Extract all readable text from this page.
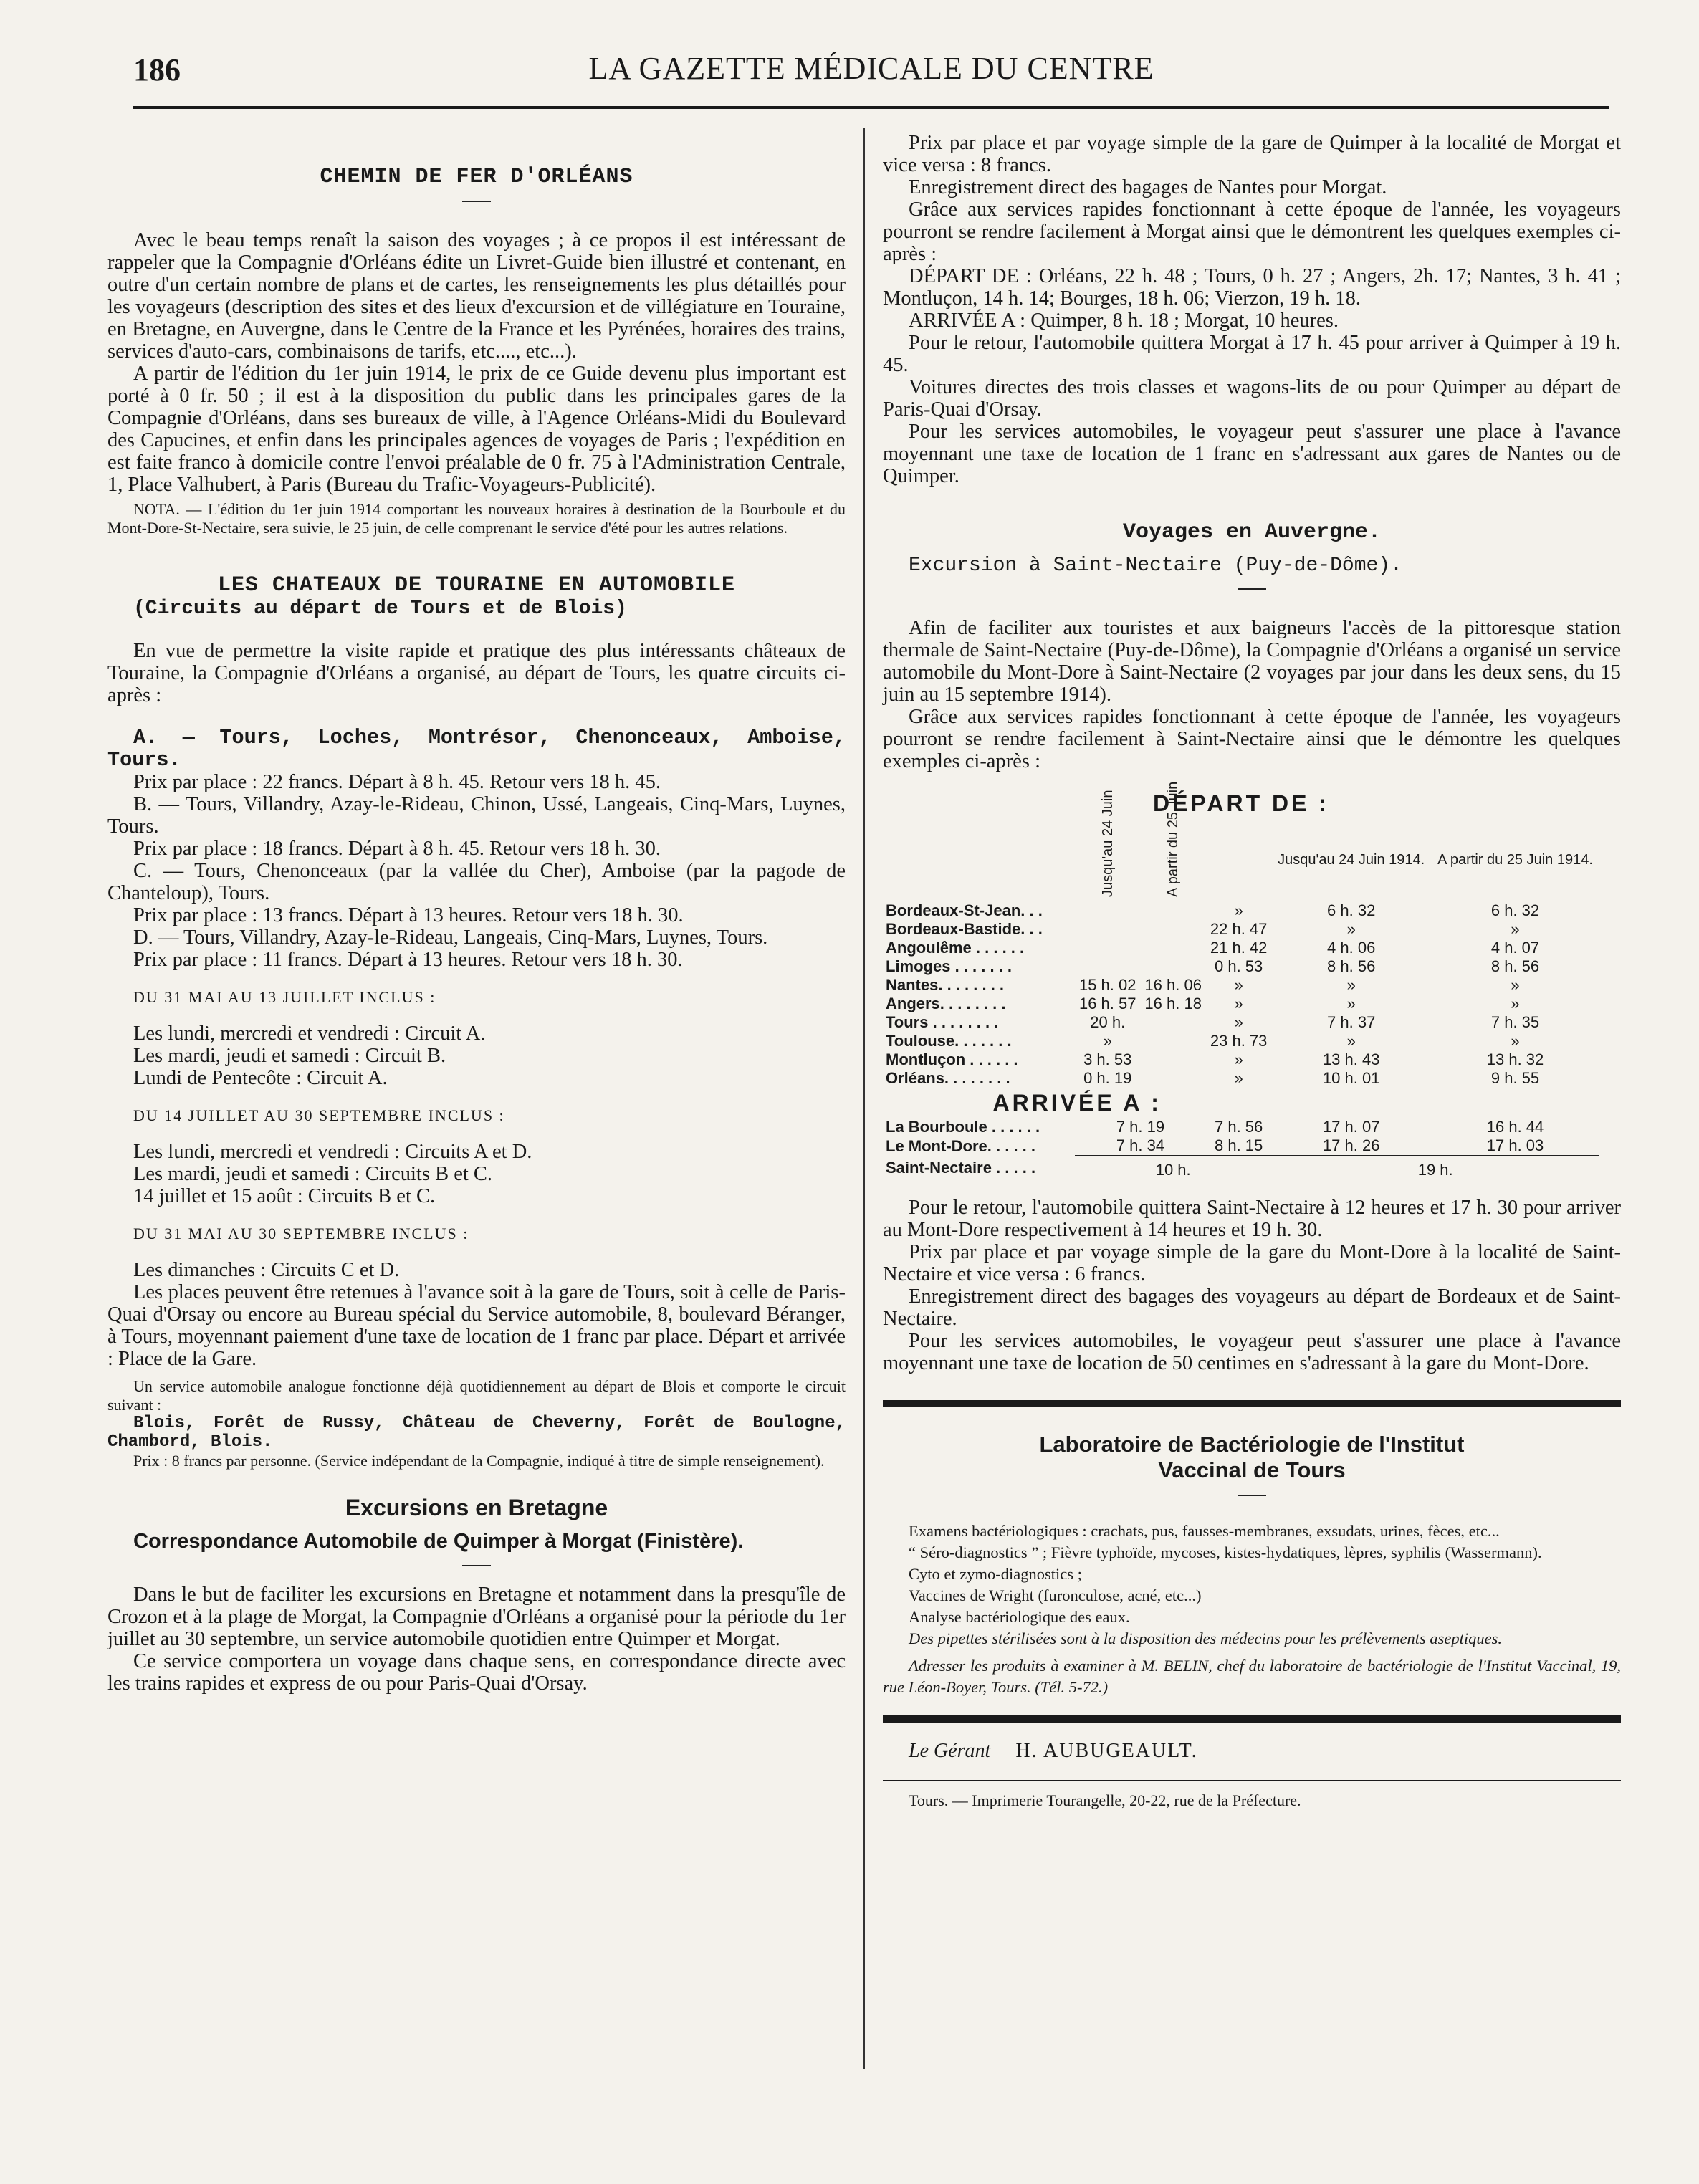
186	LA GAZETTE MÉDICALE DU CENTRE
CHEMIN DE FER D'ORLÉANS

Avec le beau temps renaît la saison des voyages ; à ce propos il est intéressant de rappeler que la Compagnie d'Orléans édite un Livret-Guide bien illustré et contenant, en outre d'un certain nombre de plans et de cartes, les renseignements les plus détaillés pour les voyageurs (description des sites et des lieux d'excursion et de villégiature en Touraine, en Bretagne, en Auvergne, dans le Centre de la France et les Pyrénées, horaires des trains, services d'auto-cars, combinaisons de tarifs, etc...., etc...).

A partir de l'édition du 1er juin 1914, le prix de ce Guide devenu plus important est porté à 0 fr. 50 ; il est à la disposition du public dans les principales gares de la Compagnie d'Orléans, dans ses bureaux de ville, à l'Agence Orléans-Midi du Boulevard des Capucines, et enfin dans les principales agences de voyages de Paris ; l'expédition en est faite franco à domicile contre l'envoi préalable de 0 fr. 75 à l'Administration Centrale, 1, Place Valhubert, à Paris (Bureau du Trafic-Voyageurs-Publicité).

NOTA. — L'édition du 1er juin 1914 comportant les nouveaux horaires à destination de la Bourboule et du Mont-Dore-St-Nectaire, sera suivie, le 25 juin, de celle comprenant le service d'été pour les autres relations.

LES CHATEAUX DE TOURAINE EN AUTOMOBILE

(Circuits au départ de Tours et de Blois)

En vue de permettre la visite rapide et pratique des plus intéressants châteaux de Touraine, la Compagnie d'Orléans a organisé, au départ de Tours, les quatre circuits ci-après :

A. — Tours, Loches, Montrésor, Chenonceaux, Amboise, Tours.

Prix par place : 22 francs. Départ à 8 h. 45. Retour vers 18 h. 45.

B. — Tours, Villandry, Azay-le-Rideau, Chinon, Ussé, Langeais, Cinq-Mars, Luynes, Tours.

Prix par place : 18 francs. Départ à 8 h. 45. Retour vers 18 h. 30.

C. — Tours, Chenonceaux (par la vallée du Cher), Amboise (par la pagode de Chanteloup), Tours.

Prix par place : 13 francs. Départ à 13 heures. Retour vers 18 h. 30.

D. — Tours, Villandry, Azay-le-Rideau, Langeais, Cinq-Mars, Luynes, Tours.

Prix par place : 11 francs. Départ à 13 heures. Retour vers 18 h. 30.

DU 31 MAI AU 13 JUILLET INCLUS :

Les lundi, mercredi et vendredi : Circuit A.

Les mardi, jeudi et samedi : Circuit B.

Lundi de Pentecôte : Circuit A.

DU 14 JUILLET AU 30 SEPTEMBRE INCLUS :

Les lundi, mercredi et vendredi : Circuits A et D.

Les mardi, jeudi et samedi : Circuits B et C.

14 juillet et 15 août : Circuits B et C.

DU 31 MAI AU 30 SEPTEMBRE INCLUS :

Les dimanches : Circuits C et D.

Les places peuvent être retenues à l'avance soit à la gare de Tours, soit à celle de Paris-Quai d'Orsay ou encore au Bureau spécial du Service automobile, 8, boulevard Béranger, à Tours, moyennant paiement d'une taxe de location de 1 franc par place. Départ et arrivée : Place de la Gare.

Un service automobile analogue fonctionne déjà quotidiennement au départ de Blois et comporte le circuit suivant :

Blois, Forêt de Russy, Château de Cheverny, Forêt de Boulogne, Chambord, Blois.

Prix : 8 francs par personne. (Service indépendant de la Compagnie, indiqué à titre de simple renseignement).

Excursions en Bretagne

Correspondance Automobile de Quimper à Morgat (Finistère).

Dans le but de faciliter les excursions en Bretagne et notamment dans la presqu'île de Crozon et à la plage de Morgat, la Compagnie d'Orléans a organisé pour la période du 1er juillet au 30 septembre, un service automobile quotidien entre Quimper et Morgat.

Ce service comportera un voyage dans chaque sens, en correspondance directe avec les trains rapides et express de ou pour Paris-Quai d'Orsay.

Prix par place et par voyage simple de la gare de Quimper à la localité de Morgat et vice versa : 8 francs.

Enregistrement direct des bagages de Nantes pour Morgat.

Grâce aux services rapides fonctionnant à cette époque de l'année, les voyageurs pourront se rendre facilement à Morgat ainsi que le démontrent les quelques exemples ci-après :

DÉPART DE : Orléans, 22 h. 48 ; Tours, 0 h. 27 ; Angers, 2h. 17; Nantes, 3 h. 41 ; Montluçon, 14 h. 14; Bourges, 18 h. 06; Vierzon, 19 h. 18.

ARRIVÉE A : Quimper, 8 h. 18 ; Morgat, 10 heures.

Pour le retour, l'automobile quittera Morgat à 17 h. 45 pour arriver à Quimper à 19 h. 45.

Voitures directes des trois classes et wagons-lits de ou pour Quimper au départ de Paris-Quai d'Orsay.

Pour les services automobiles, le voyageur peut s'assurer une place à l'avance moyennant une taxe de location de 1 franc en s'adressant aux gares de Nantes ou de Quimper.

Voyages en Auvergne.

Excursion à Saint-Nectaire (Puy-de-Dôme).

Afin de faciliter aux touristes et aux baigneurs l'accès de la pittoresque station thermale de Saint-Nectaire (Puy-de-Dôme), la Compagnie d'Orléans a organisé un service automobile du Mont-Dore à Saint-Nectaire (2 voyages par jour dans les deux sens, du 15 juin au 15 septembre 1914).

Grâce aux services rapides fonctionnant à cette époque de l'année, les voyageurs pourront se rendre facilement à Saint-Nectaire ainsi que le démontre les quelques exemples ci-après :

DÉPART DE :					
	Jusqu'au 24 Juin	A partir du 25 Juin		Jusqu'au 24 Juin 1914.	A partir du 25 Juin 1914.
Bordeaux-St-Jean. . .			»	6 h. 32	6 h. 32
Bordeaux-Bastide. . .			22 h. 47	»	»
Angoulême . . . . . .			21 h. 42	4 h. 06	4 h. 07
Limoges . . . . . . .			0 h. 53	8 h. 56	8 h. 56
Nantes. . . . . . . .	15 h. 02	16 h. 06	»	»	»
Angers. . . . . . . .	16 h. 57	16 h. 18	»	»	»
Tours . . . . . . . .	20 h.		»	7 h. 37	7 h. 35
Toulouse. . . . . . .	»		23 h. 73	»	»
Montluçon . . . . . .	3 h. 53		»	13 h. 43	13 h. 32
Orléans. . . . . . . .	0 h. 19		»	10 h. 01	9 h. 55
ARRIVÉE A :					
La Bourboule . . . . . .	7 h. 19		7 h. 56	17 h. 07	16 h. 44
Le Mont-Dore. . . . . .	7 h. 34		8 h. 15	17 h. 26	17 h. 03
Saint-Nectaire . . . . .	10 h.			19 h.	

Pour le retour, l'automobile quittera Saint-Nectaire à 12 heures et 17 h. 30 pour arriver au Mont-Dore respectivement à 14 heures et 19 h. 30.

Prix par place et par voyage simple de la gare du Mont-Dore à la localité de Saint-Nectaire et vice versa : 6 francs.

Enregistrement direct des bagages des voyageurs au départ de Bordeaux et de Saint-Nectaire.

Pour les services automobiles, le voyageur peut s'assurer une place à l'avance moyennant une taxe de location de 50 centimes en s'adressant à la gare du Mont-Dore.

Laboratoire de Bactériologie de l'Institut
Vaccinal de Tours

Examens bactériologiques : crachats, pus, fausses-membranes, exsudats, urines, fèces, etc...

“ Séro-diagnostics ” ; Fièvre typhoïde, mycoses, kistes-hydatiques, lèpres, syphilis (Wassermann).

Cyto et zymo-diagnostics ;

Vaccines de Wright (furonculose, acné, etc...)

Analyse bactériologique des eaux.

Des pipettes stérilisées sont à la disposition des médecins pour les prélèvements aseptiques.

Adresser les produits à examiner à M. BELIN, chef du laboratoire de bactériologie de l'Institut Vaccinal, 19, rue Léon-Boyer, Tours. (Tél. 5-72.)

Le Gérant H. AUBUGEAULT.

Tours. — Imprimerie Tourangelle, 20-22, rue de la Préfecture.
